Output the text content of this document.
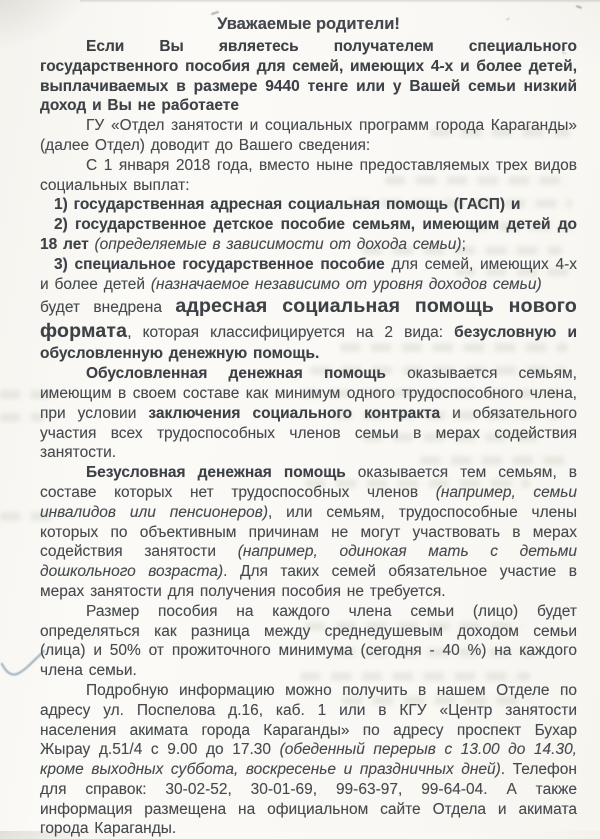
Уважаемые родители!

Если Вы являетесь получателем специального государственного пособия для семей, имеющих 4-х и более детей, выплачиваемых в размере 9440 тенге или у Вашей семьи низкий доход и Вы не работаете

ГУ «Отдел занятости и социальных программ города Караганды» (далее Отдел) доводит до Вашего сведения:

С 1 января 2018 года, вместо ныне предоставляемых трех видов социальных выплат:

1) государственная адресная социальная помощь (ГАСП) и

2) государственное детское пособие семьям, имеющим детей до 18 лет (определяемые в зависимости от дохода семьи);

3) специальное государственное пособие для семей, имеющих 4-х и более детей (назначаемое независимо от уровня доходов семьи)

будет внедрена адресная социальная помощь нового формата, которая классифицируется на 2 вида: безусловную и обусловленную денежную помощь.

Обусловленная денежная помощь оказывается семьям, имеющим в своем составе как минимум одного трудоспособного члена, при условии заключения социального контракта и обязательного участия всех трудоспособных членов семьи в мерах содействия занятости.

Безусловная денежная помощь оказывается тем семьям, в составе которых нет трудоспособных членов (например, семьи инвалидов или пенсионеров), или семьям, трудоспособные члены которых по объективным причинам не могут участвовать в мерах содействия занятости (например, одинокая мать с детьми дошкольного возраста). Для таких семей обязательное участие в мерах занятости для получения пособия не требуется.

Размер пособия на каждого члена семьи (лицо) будет определяться как разница между среднедушевым доходом семьи (лица) и 50% от прожиточного минимума (сегодня - 40 %) на каждого члена семьи.

Подробную информацию можно получить в нашем Отделе по адресу ул. Поспелова д.16, каб. 1 или в КГУ «Центр занятости населения акимата города Караганды» по адресу проспект Бухар Жырау д.51/4 с 9.00 до 17.30 (обеденный перерыв с 13.00 до 14.30, кроме выходных суббота, воскресенье и праздничных дней). Телефон для справок: 30-02-52, 30-01-69, 99-63-97, 99-64-04. А также информация размещена на официальном сайте Отдела и акимата города Караганды.
